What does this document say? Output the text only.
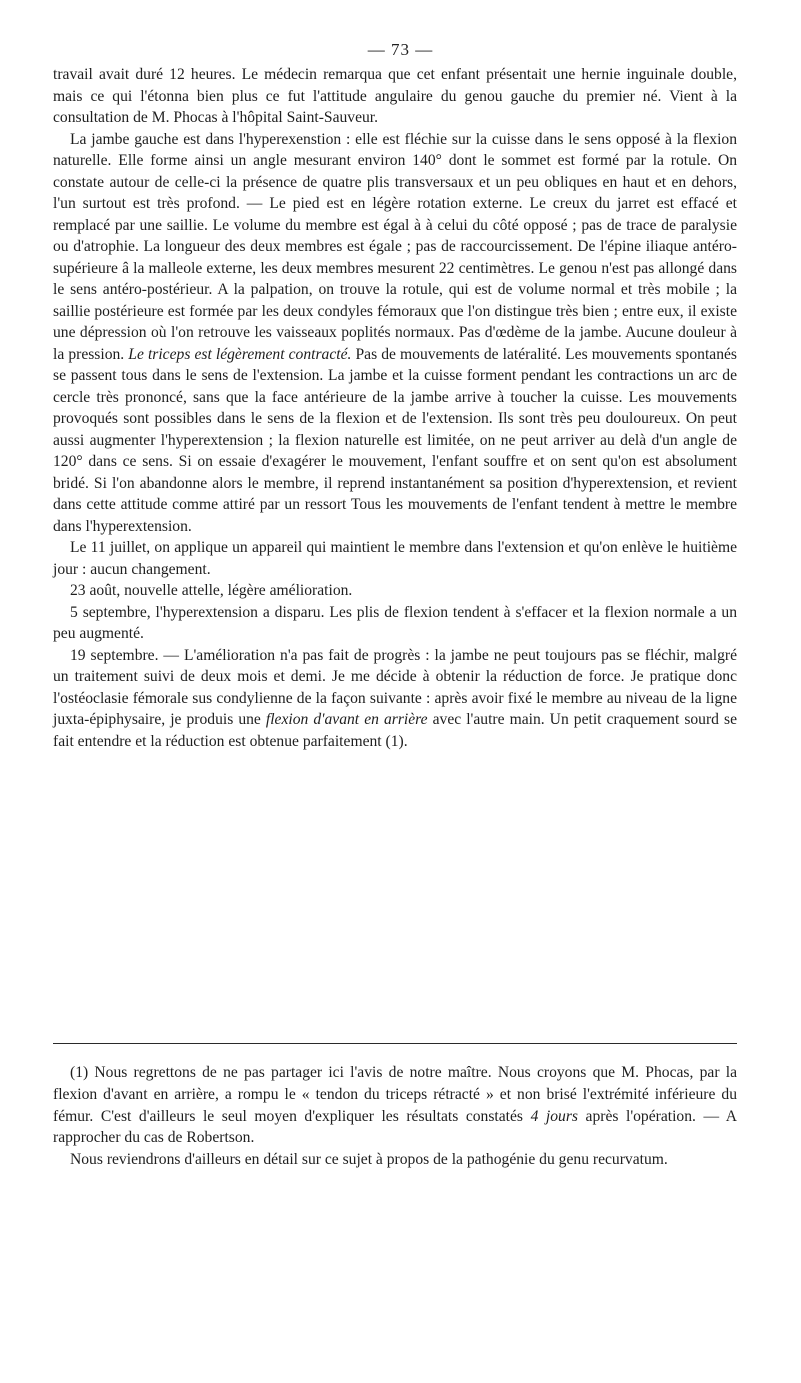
— 73 —

travail avait duré 12 heures. Le médecin remarqua que cet enfant présentait une hernie inguinale double, mais ce qui l'étonna bien plus ce fut l'attitude angulaire du genou gauche du premier né. Vient à la consultation de M. Phocas à l'hôpital Saint-Sauveur.

La jambe gauche est dans l'hyperexenstion : elle est fléchie sur la cuisse dans le sens opposé à la flexion naturelle. Elle forme ainsi un angle mesurant environ 140° dont le sommet est formé par la rotule. On constate autour de celle-ci la présence de quatre plis transversaux et un peu obliques en haut et en dehors, l'un surtout est très profond. — Le pied est en légère rotation externe. Le creux du jarret est effacé et remplacé par une saillie. Le volume du membre est égal à à celui du côté opposé ; pas de trace de paralysie ou d'atrophie. La longueur des deux membres est égale ; pas de raccourcissement. De l'épine iliaque antéro-supérieure â la malleole externe, les deux membres mesurent 22 centimètres. Le genou n'est pas allongé dans le sens antéro-postérieur. A la palpation, on trouve la rotule, qui est de volume normal et très mobile ; la saillie postérieure est formée par les deux condyles fémoraux que l'on distingue très bien ; entre eux, il existe une dépression où l'on retrouve les vaisseaux poplités normaux. Pas d'œdème de la jambe. Aucune douleur à la pression. Le triceps est légèrement contracté. Pas de mouvements de latéralité. Les mouvements spontanés se passent tous dans le sens de l'extension. La jambe et la cuisse forment pendant les contractions un arc de cercle très prononcé, sans que la face antérieure de la jambe arrive à toucher la cuisse. Les mouvements provoqués sont possibles dans le sens de la flexion et de l'extension. Ils sont très peu douloureux. On peut aussi augmenter l'hyperextension ; la flexion naturelle est limitée, on ne peut arriver au delà d'un angle de 120° dans ce sens. Si on essaie d'exagérer le mouvement, l'enfant souffre et on sent qu'on est absolument bridé. Si l'on abandonne alors le membre, il reprend instantanément sa position d'hyperextension, et revient dans cette attitude comme attiré par un ressort Tous les mouvements de l'enfant tendent à mettre le membre dans l'hyperextension.

Le 11 juillet, on applique un appareil qui maintient le membre dans l'extension et qu'on enlève le huitième jour : aucun changement.

23 août, nouvelle attelle, légère amélioration.

5 septembre, l'hyperextension a disparu. Les plis de flexion tendent à s'effacer et la flexion normale a un peu augmenté.

19 septembre. — L'amélioration n'a pas fait de progrès : la jambe ne peut toujours pas se fléchir, malgré un traitement suivi de deux mois et demi. Je me décide à obtenir la réduction de force. Je pratique donc l'ostéoclasie fémorale sus condylienne de la façon suivante : après avoir fixé le membre au niveau de la ligne juxta-épiphysaire, je produis une flexion d'avant en arrière avec l'autre main. Un petit craquement sourd se fait entendre et la réduction est obtenue parfaitement (1).

(1) Nous regrettons de ne pas partager ici l'avis de notre maître. Nous croyons que M. Phocas, par la flexion d'avant en arrière, a rompu le « tendon du triceps rétracté » et non brisé l'extrémité inférieure du fémur. C'est d'ailleurs le seul moyen d'expliquer les résultats constatés 4 jours après l'opération. — A rapprocher du cas de Robertson.

Nous reviendrons d'ailleurs en détail sur ce sujet à propos de la pathogénie du genu recurvatum.
